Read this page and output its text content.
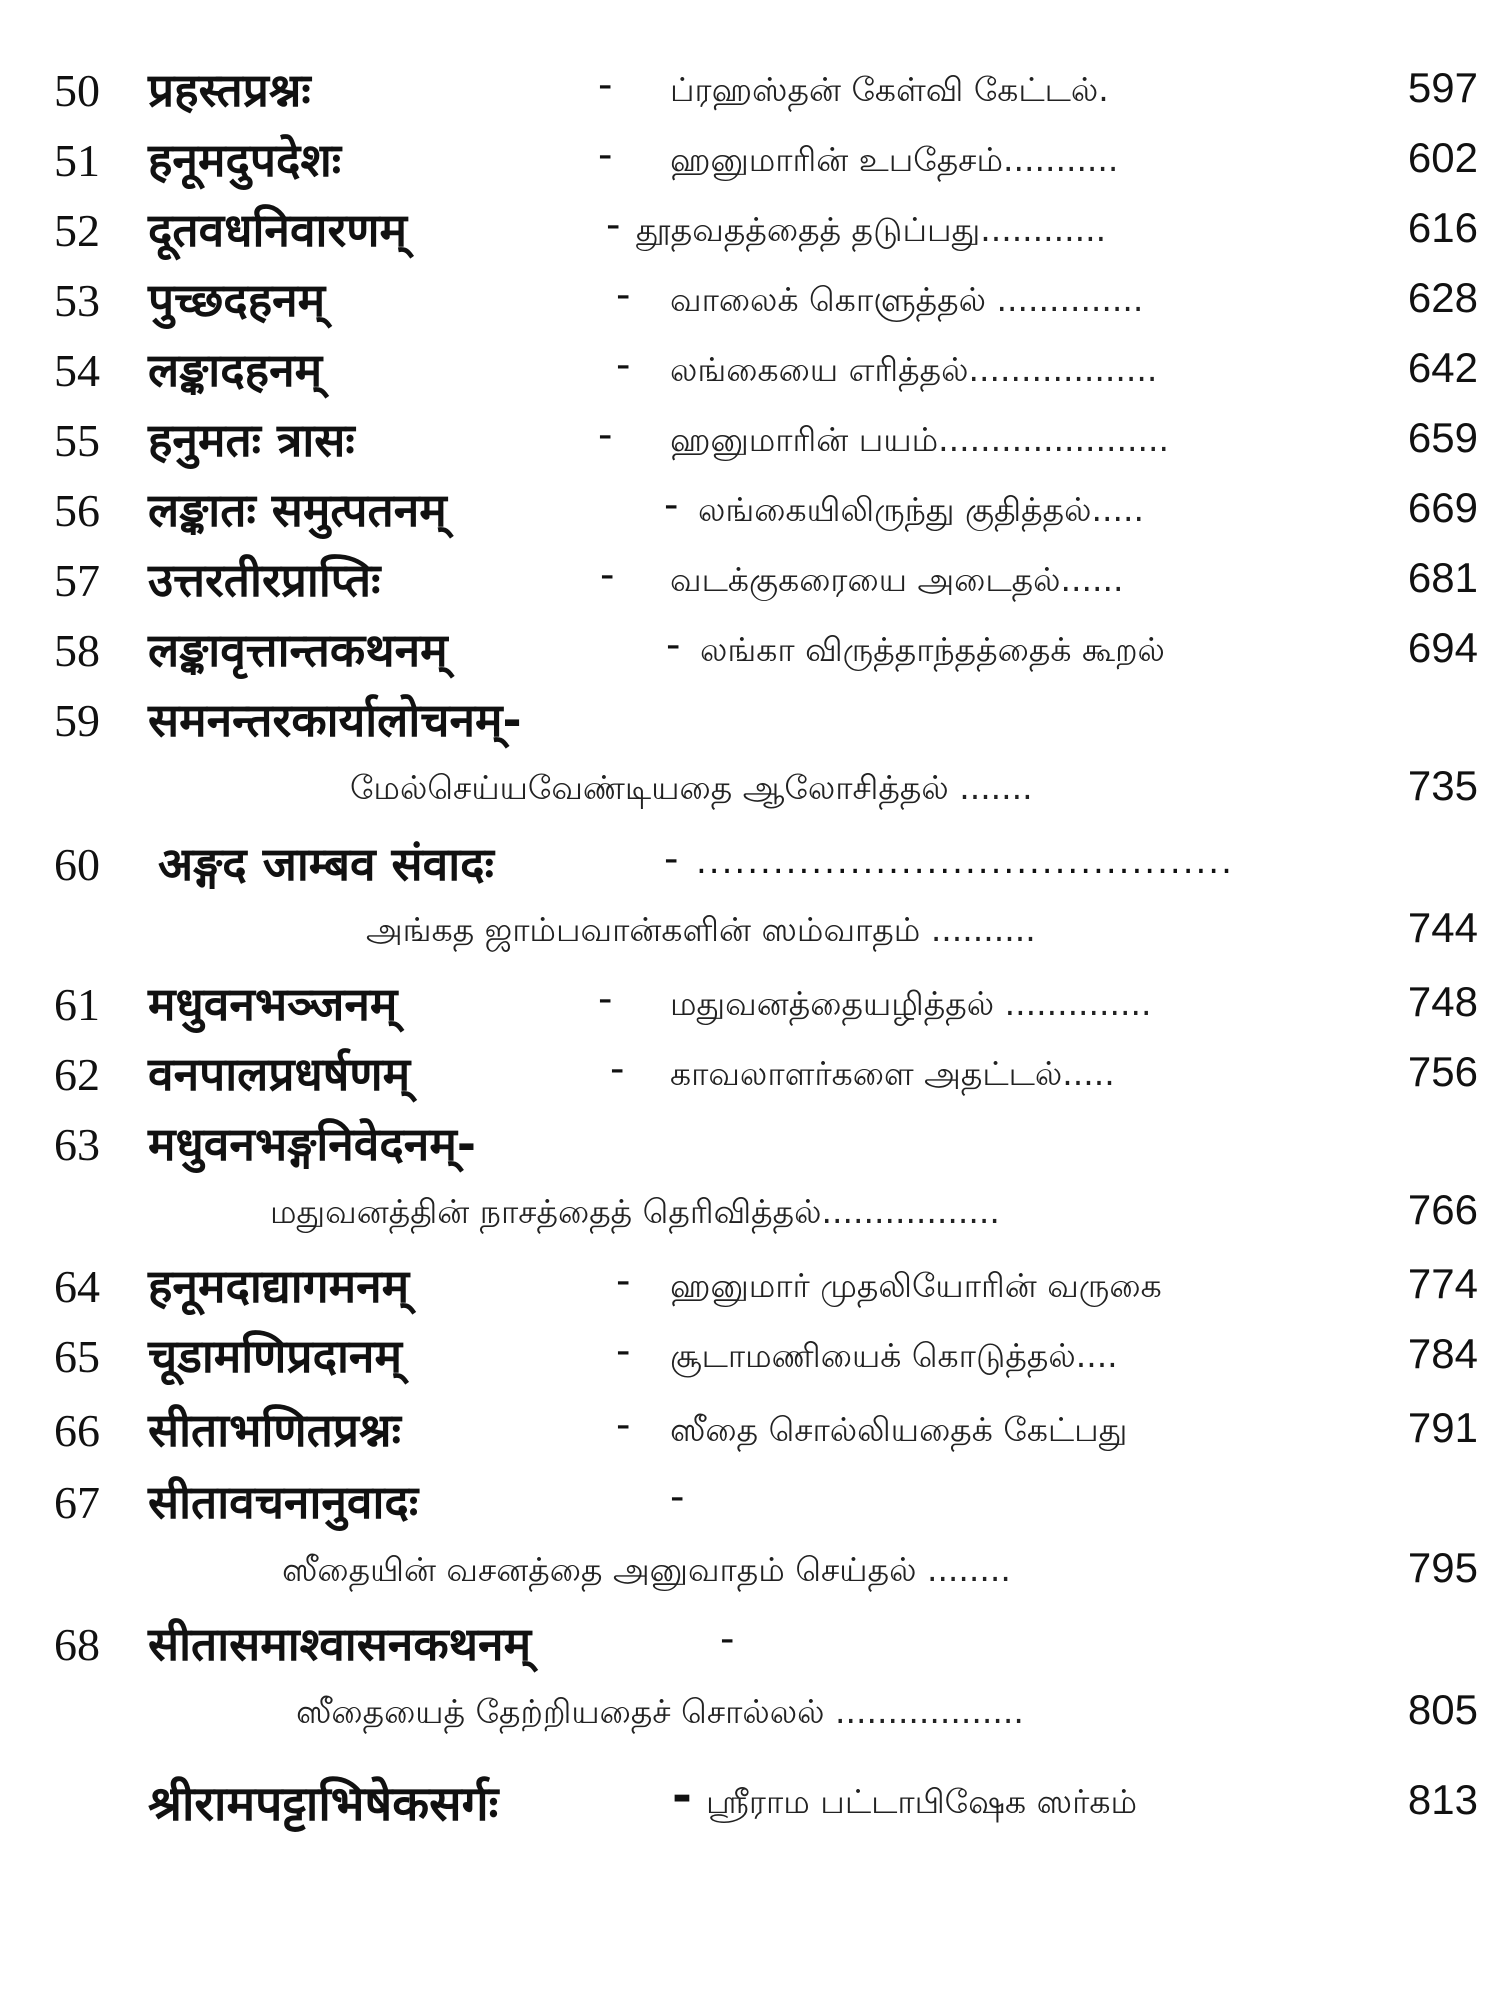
50 प्रहस्तप्रश्नः	- ப்ரஹஸ்தன் கேள்வி கேட்டல்.	597
51 हनूमदुपदेशः	- ஹனுமாரின் உபதேசம்...........	602
52 दूतवधनिवारणम्	- தூதவதத்தைத் தடுப்பது............	616
53 पुच्छदहनम्	- வாலைக் கொளுத்தல் ..............	628
54 लङ्कादहनम्	- லங்கையை எரித்தல்..................	642
55 हनुमतः त्रासः	- ஹனுமாரின் பயம்......................	659
56 लङ्कातः समुत्पतनम्	- லங்கையிலிருந்து குதித்தல்.....	669
57 उत्तरतीरप्राप्तिः	- வடக்குகரையை அடைதல்......	681
58 लङ्कावृत्तान्तकथनम्	- லங்கா விருத்தாந்தத்தைக் கூறல்	694
59 समनन्तरकार्यालोचनम्-
மேல்செய்யவேண்டியதை ஆலோசித்தல் .......	735
60 अङ्गद जाम्बव संवादः	- ..........................................
அங்கத ஜாம்பவான்களின் ஸம்வாதம் ..........	744
61 मधुवनभञ्जनम्	- மதுவனத்தையழித்தல் ..............	748
62 वनपालप्रधर्षणम्	- காவலாளர்களை அதட்டல்.....	756
63 मधुवनभङ्गनिवेदनम्-
மதுவனத்தின் நாசத்தைத் தெரிவித்தல்.................	766
64 हनूमदाद्यागमनम्	- ஹனுமார் முதலியோரின் வருகை	774
65 चूडामणिप्रदानम्	- சூடாமணியைக் கொடுத்தல்....	784
66 सीताभणितप्रश्नः	- ஸீதை சொல்லியதைக் கேட்பது	791
67 सीतावचनानुवादः	-
ஸீதையின் வசனத்தை அனுவாதம் செய்தல் ........	795
68 सीतासमाश्वासनकथनम्	-
ஸீதையைத் தேற்றியதைச் சொல்லல் ..................	805
श्रीरामपट्टाभिषेकसर्गः	- ஸ்ரீராம பட்டாபிஷேக ஸர்கம்	813
